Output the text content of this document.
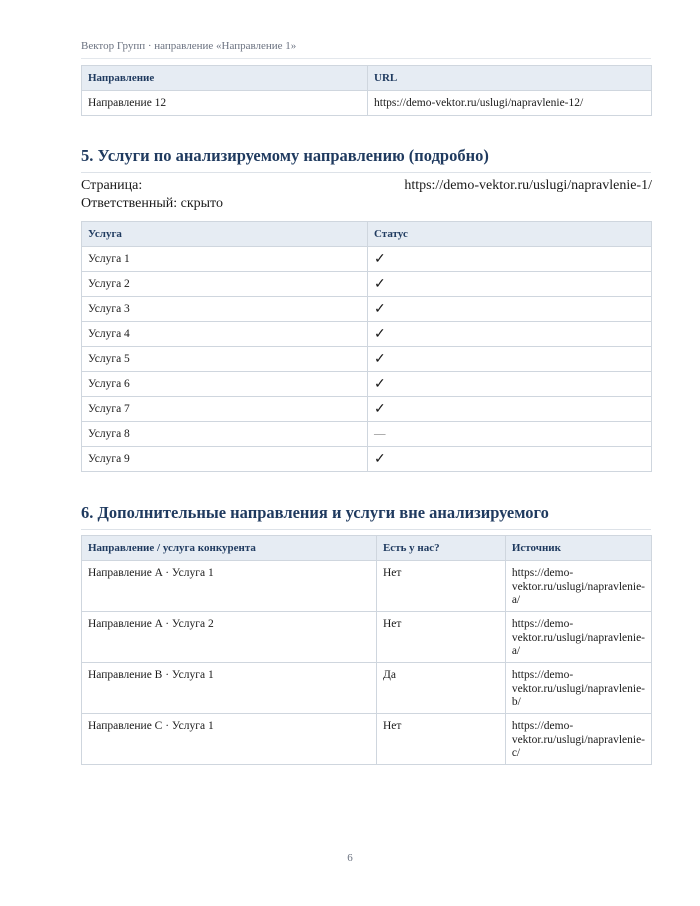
Вектор Групп · направление «Направление 1»
Направление	URL
Направление 12	https://demo-vektor.ru/uslugi/napravlenie-12/
5. Услуги по анализируемому направлению (подробно)
Страница:	https://demo-vektor.ru/uslugi/napravlenie-1/
Ответственный: скрыто
Услуга	Статус
Услуга 1	✓
Услуга 2	✓
Услуга 3	✓
Услуга 4	✓
Услуга 5	✓
Услуга 6	✓
Услуга 7	✓
Услуга 8	—
Услуга 9	✓
6. Дополнительные направления и услуги вне анализируемого
Направление / услуга конкурента	Есть у нас?	Источник
Направление A · Услуга 1	Нет	https://demo-vektor.ru/uslugi/napravlenie-a/
Направление A · Услуга 2	Нет	https://demo-vektor.ru/uslugi/napravlenie-a/
Направление B · Услуга 1	Да	https://demo-vektor.ru/uslugi/napravlenie-b/
Направление C · Услуга 1	Нет	https://demo-vektor.ru/uslugi/napravlenie-c/
6
